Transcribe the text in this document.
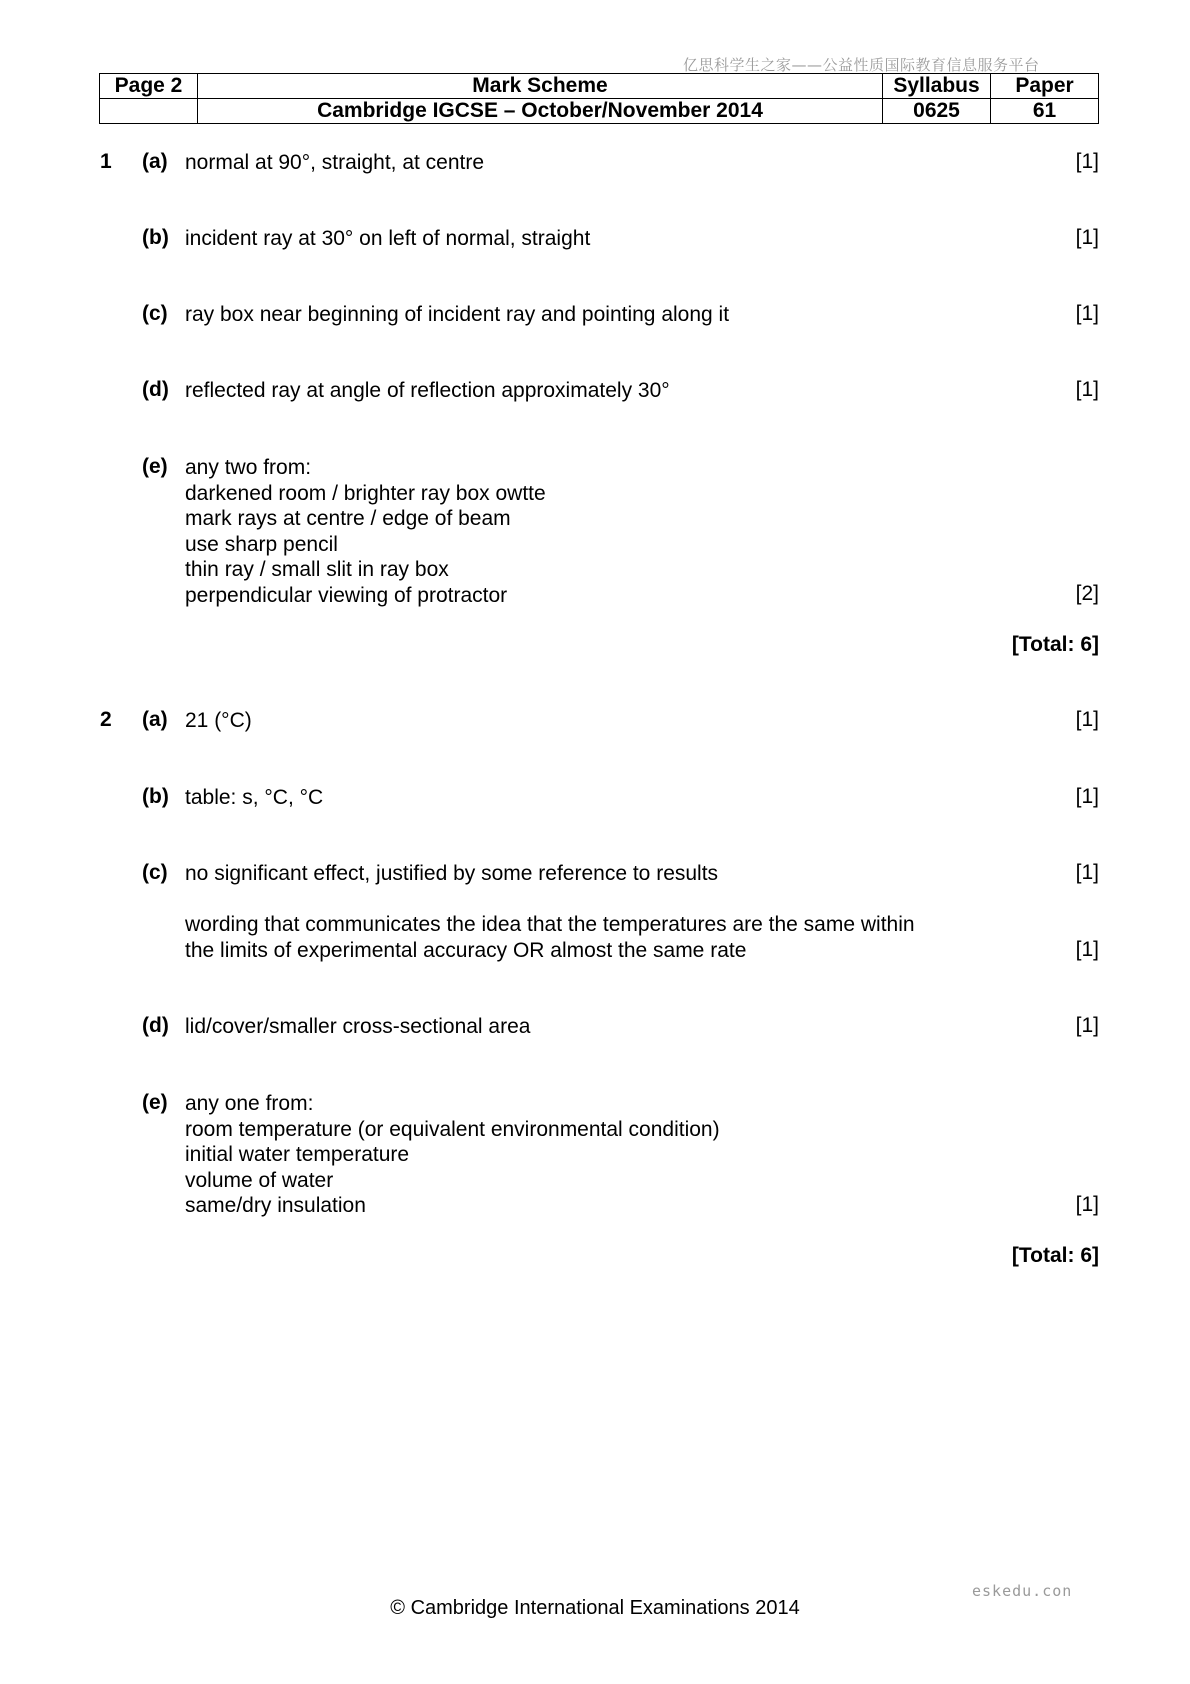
亿思科学生之家——公益性质国际教育信息服务平台
Page 2	Mark Scheme	Syllabus	Paper
	Cambridge IGCSE – October/November 2014	0625	61
1 (a) normal at 90°, straight, at centre	[1]
(b) incident ray at 30° on left of normal, straight	[1]
(c) ray box near beginning of incident ray and pointing along it	[1]
(d) reflected ray at angle of reflection approximately 30°	[1]
(e) any two from:
darkened room / brighter ray box owtte
mark rays at centre / edge of beam
use sharp pencil
thin ray / small slit in ray box
perpendicular viewing of protractor	[2]
[Total: 6]
2 (a) 21 (°C)	[1]
(b) table: s, °C, °C	[1]
(c) no significant effect, justified by some reference to results	[1]
wording that communicates the idea that the temperatures are the same within
the limits of experimental accuracy OR almost the same rate	[1]
(d) lid/cover/smaller cross-sectional area	[1]
(e) any one from:
room temperature (or equivalent environmental condition)
initial water temperature
volume of water
same/dry insulation	[1]
[Total: 6]
eskedu.con
© Cambridge International Examinations 2014
